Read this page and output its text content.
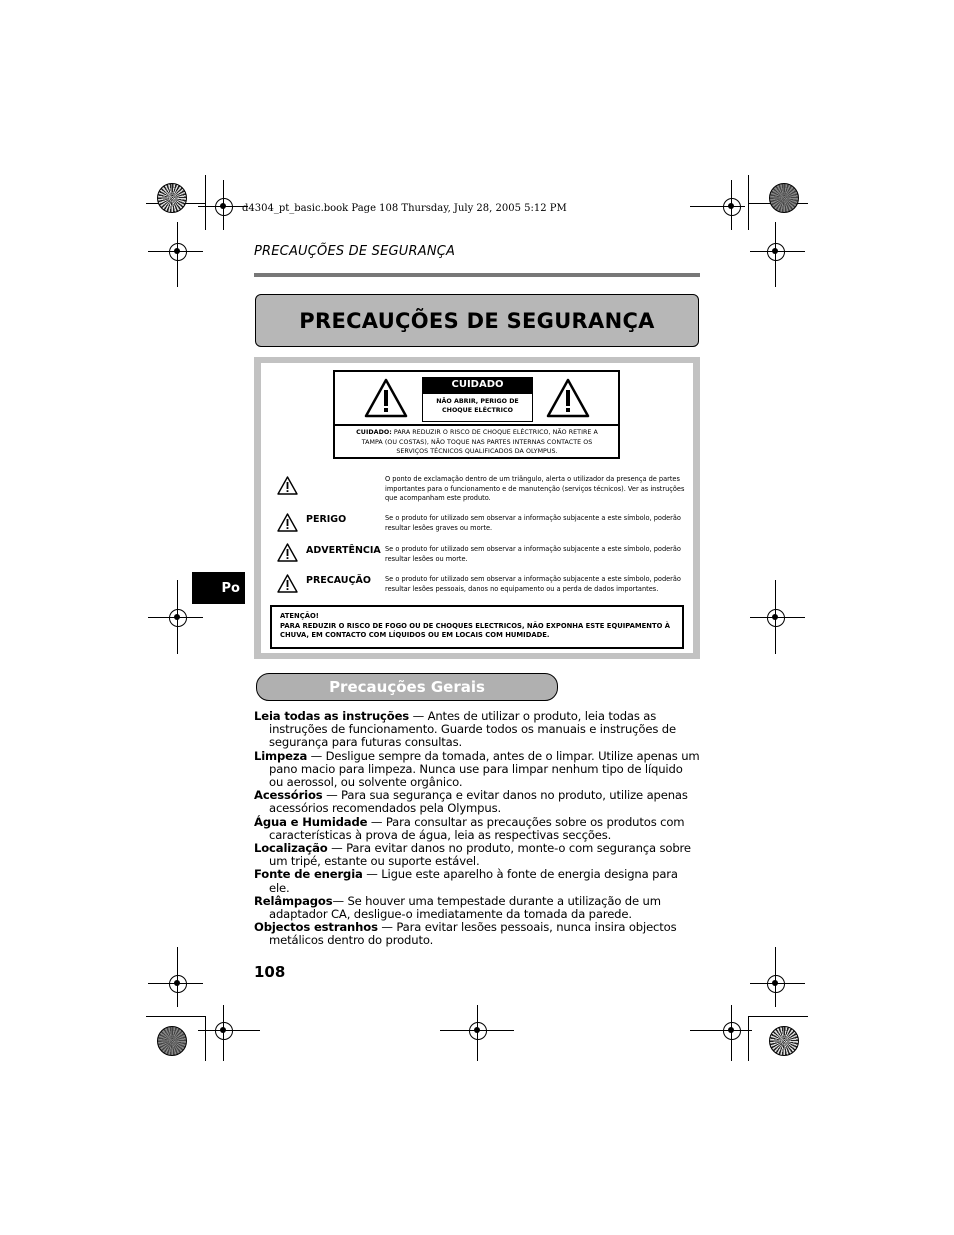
d4304_pt_basic.book Page 108 Thursday, July 28, 2005 5:12 PM
PRECAUÇÕES DE SEGURANÇA
PRECAUÇÕES DE SEGURANÇA
CUIDADO
NÃO ABRIR, PERIGO DE
CHOQUE ELÉCTRICO
CUIDADO: PARA REDUZIR O RISCO DE CHOQUE ELÉCTRICO, NÃO RETIRE A
TAMPA (OU COSTAS), NÃO TOQUE NAS PARTES INTERNAS CONTACTE OS
SERVIÇOS TÉCNICOS QUALIFICADOS DA OLYMPUS.
O ponto de exclamação dentro de um triângulo, alerta o utilizador da presença de partes
importantes para o funcionamento e de manutenção (serviços técnicos). Ver as instruções
que acompanham este produto.
PERIGO	Se o produto for utilizado sem observar a informação subjacente a este símbolo, poderão
resultar lesões graves ou morte.
ADVERTÊNCIA Se o produto for utilizado sem observar a informação subjacente a este símbolo, poderão
resultar lesões ou morte.
PRECAUÇÃO Se o produto for utilizado sem observar a informação subjacente a este símbolo, poderão
resultar lesões pessoais, danos no equipamento ou a perda de dados importantes.
ATENÇÃO!
PARA REDUZIR O RISCO DE FOGO OU DE CHOQUES ELECTRICOS, NÃO EXPONHA ESTE EQUIPAMENTO À
CHUVA, EM CONTACTO COM LÍQUIDOS OU EM LOCAIS COM HUMIDADE.
Po
Precauções Gerais
Leia todas as instruções — Antes de utilizar o produto, leia todas as instruções de funcionamento. Guarde todos os manuais e instruções de segurança para futuras consultas.
Limpeza — Desligue sempre da tomada, antes de o limpar. Utilize apenas um pano macio para limpeza. Nunca use para limpar nenhum tipo de líquido ou aerossol, ou solvente orgânico.
Acessórios — Para sua segurança e evitar danos no produto, utilize apenas acessórios recomendados pela Olympus.
Água e Humidade — Para consultar as precauções sobre os produtos com características à prova de água, leia as respectivas secções.
Localização — Para evitar danos no produto, monte-o com segurança sobre um tripé, estante ou suporte estável.
Fonte de energia — Ligue este aparelho à fonte de energia designa para ele.
Relâmpagos— Se houver uma tempestade durante a utilização de um adaptador CA, desligue-o imediatamente da tomada da parede.
Objectos estranhos — Para evitar lesões pessoais, nunca insira objectos metálicos dentro do produto.
108
